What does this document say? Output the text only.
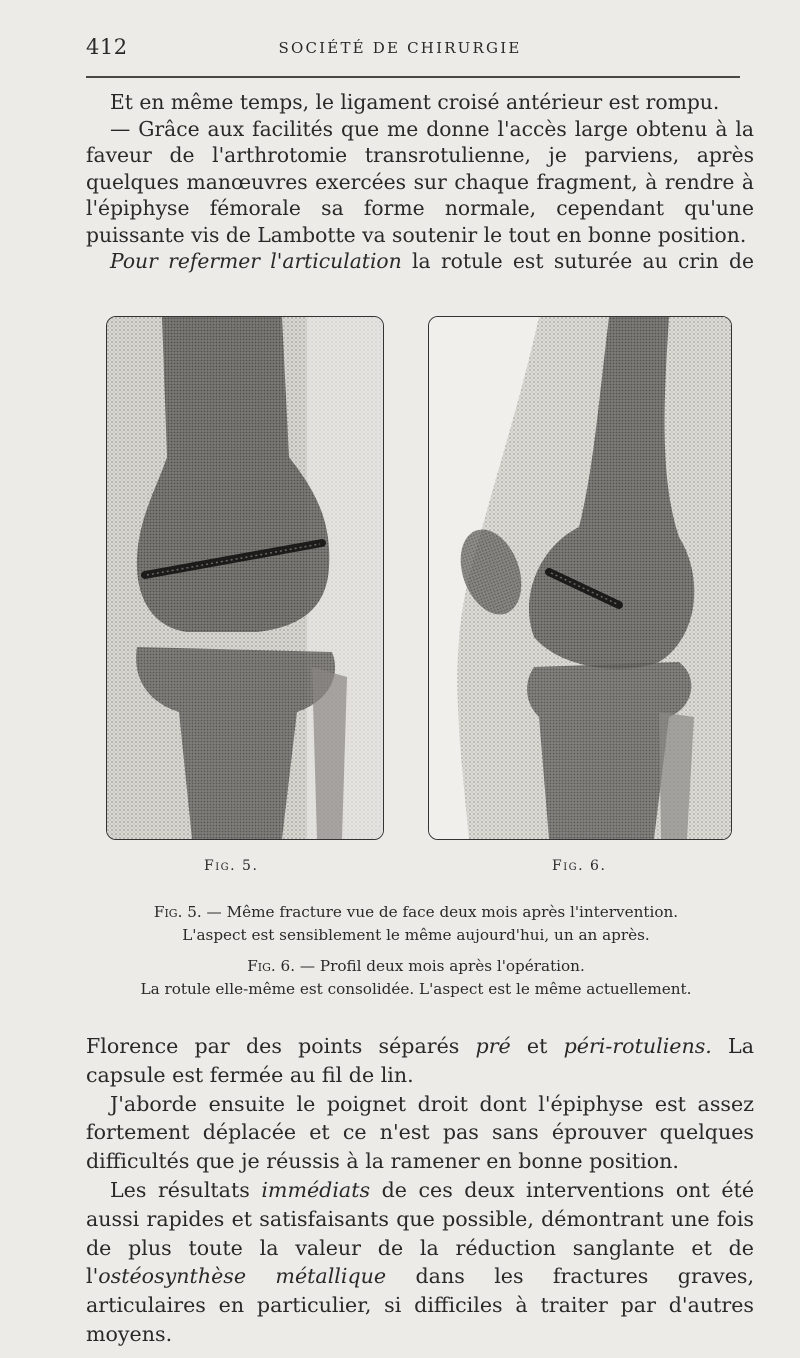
412	SOCIÉTÉ DE CHIRURGIE

Et en même temps, le ligament croisé antérieur est rompu.

— Grâce aux facilités que me donne l'accès large obtenu à la faveur de l'arthrotomie transrotulienne, je parviens, après quelques manœuvres exercées sur chaque fragment, à rendre à l'épiphyse fémorale sa forme normale, cependant qu'une puissante vis de Lambotte va soutenir le tout en bonne position.

Pour refermer l'articulation la rotule est suturée au crin de

Fig. 5.	Fig. 6.

Fig. 5. — Même fracture vue de face deux mois après l'intervention.

L'aspect est sensiblement le même aujourd'hui, un an après.

Fig. 6. — Profil deux mois après l'opération.

La rotule elle-même est consolidée. L'aspect est le même actuellement.

Florence par des points séparés pré et péri-rotuliens. La capsule est fermée au fil de lin.

J'aborde ensuite le poignet droit dont l'épiphyse est assez fortement déplacée et ce n'est pas sans éprouver quelques difficultés que je réussis à la ramener en bonne position.

Les résultats immédiats de ces deux interventions ont été aussi rapides et satisfaisants que possible, démontrant une fois de plus toute la valeur de la réduction sanglante et de l'ostéosynthèse métallique dans les fractures graves, articulaires en particulier, si difficiles à traiter par d'autres moyens.
